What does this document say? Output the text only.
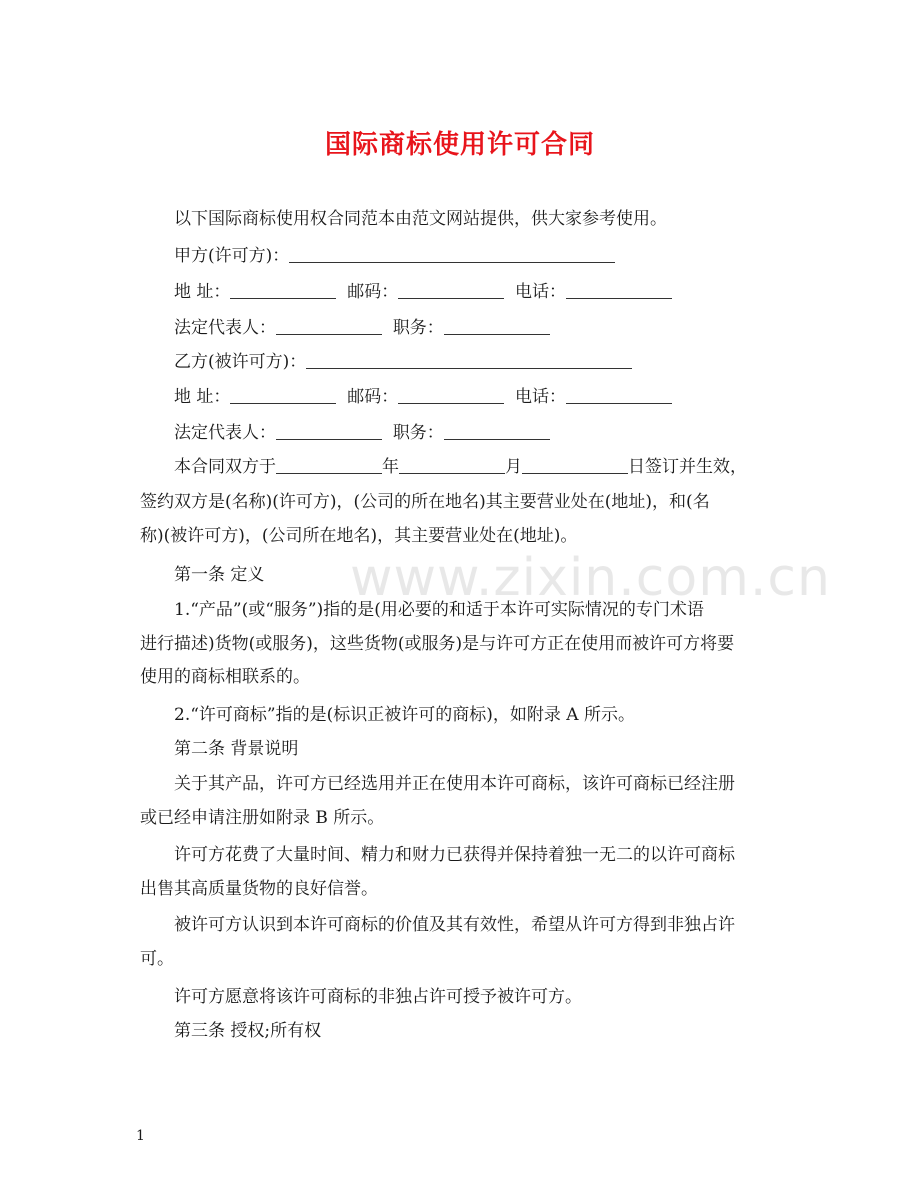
国际商标使用许可合同
以下国际商标使用权合同范本由范文网站提供，供大家参考使用。
甲方(许可方)：
地 址：	邮码：	电话：
法定代表人：	职务：
乙方(被许可方)：
地 址：	邮码：	电话：
法定代表人：	职务：
本合同双方于	年	月	日签订并生效，
签约双方是(名称)(许可方)，(公司的所在地名)其主要营业处在(地址)，和(名
称)(被许可方)，(公司所在地名)，其主要营业处在(地址)。
第一条 定义
1.“产品”(或“服务”)指的是(用必要的和适于本许可实际情况的专门术语
进行描述)货物(或服务)，这些货物(或服务)是与许可方正在使用而被许可方将要
使用的商标相联系的。
2.“许可商标”指的是(标识正被许可的商标)，如附录 A 所示。
第二条 背景说明
关于其产品，许可方已经选用并正在使用本许可商标，该许可商标已经注册
或已经申请注册如附录 B 所示。
许可方花费了大量时间、精力和财力已获得并保持着独一无二的以许可商标
出售其高质量货物的良好信誉。
被许可方认识到本许可商标的价值及其有效性，希望从许可方得到非独占许
可。
许可方愿意将该许可商标的非独占许可授予被许可方。
第三条 授权;所有权
www.zixin.com.cn
1
